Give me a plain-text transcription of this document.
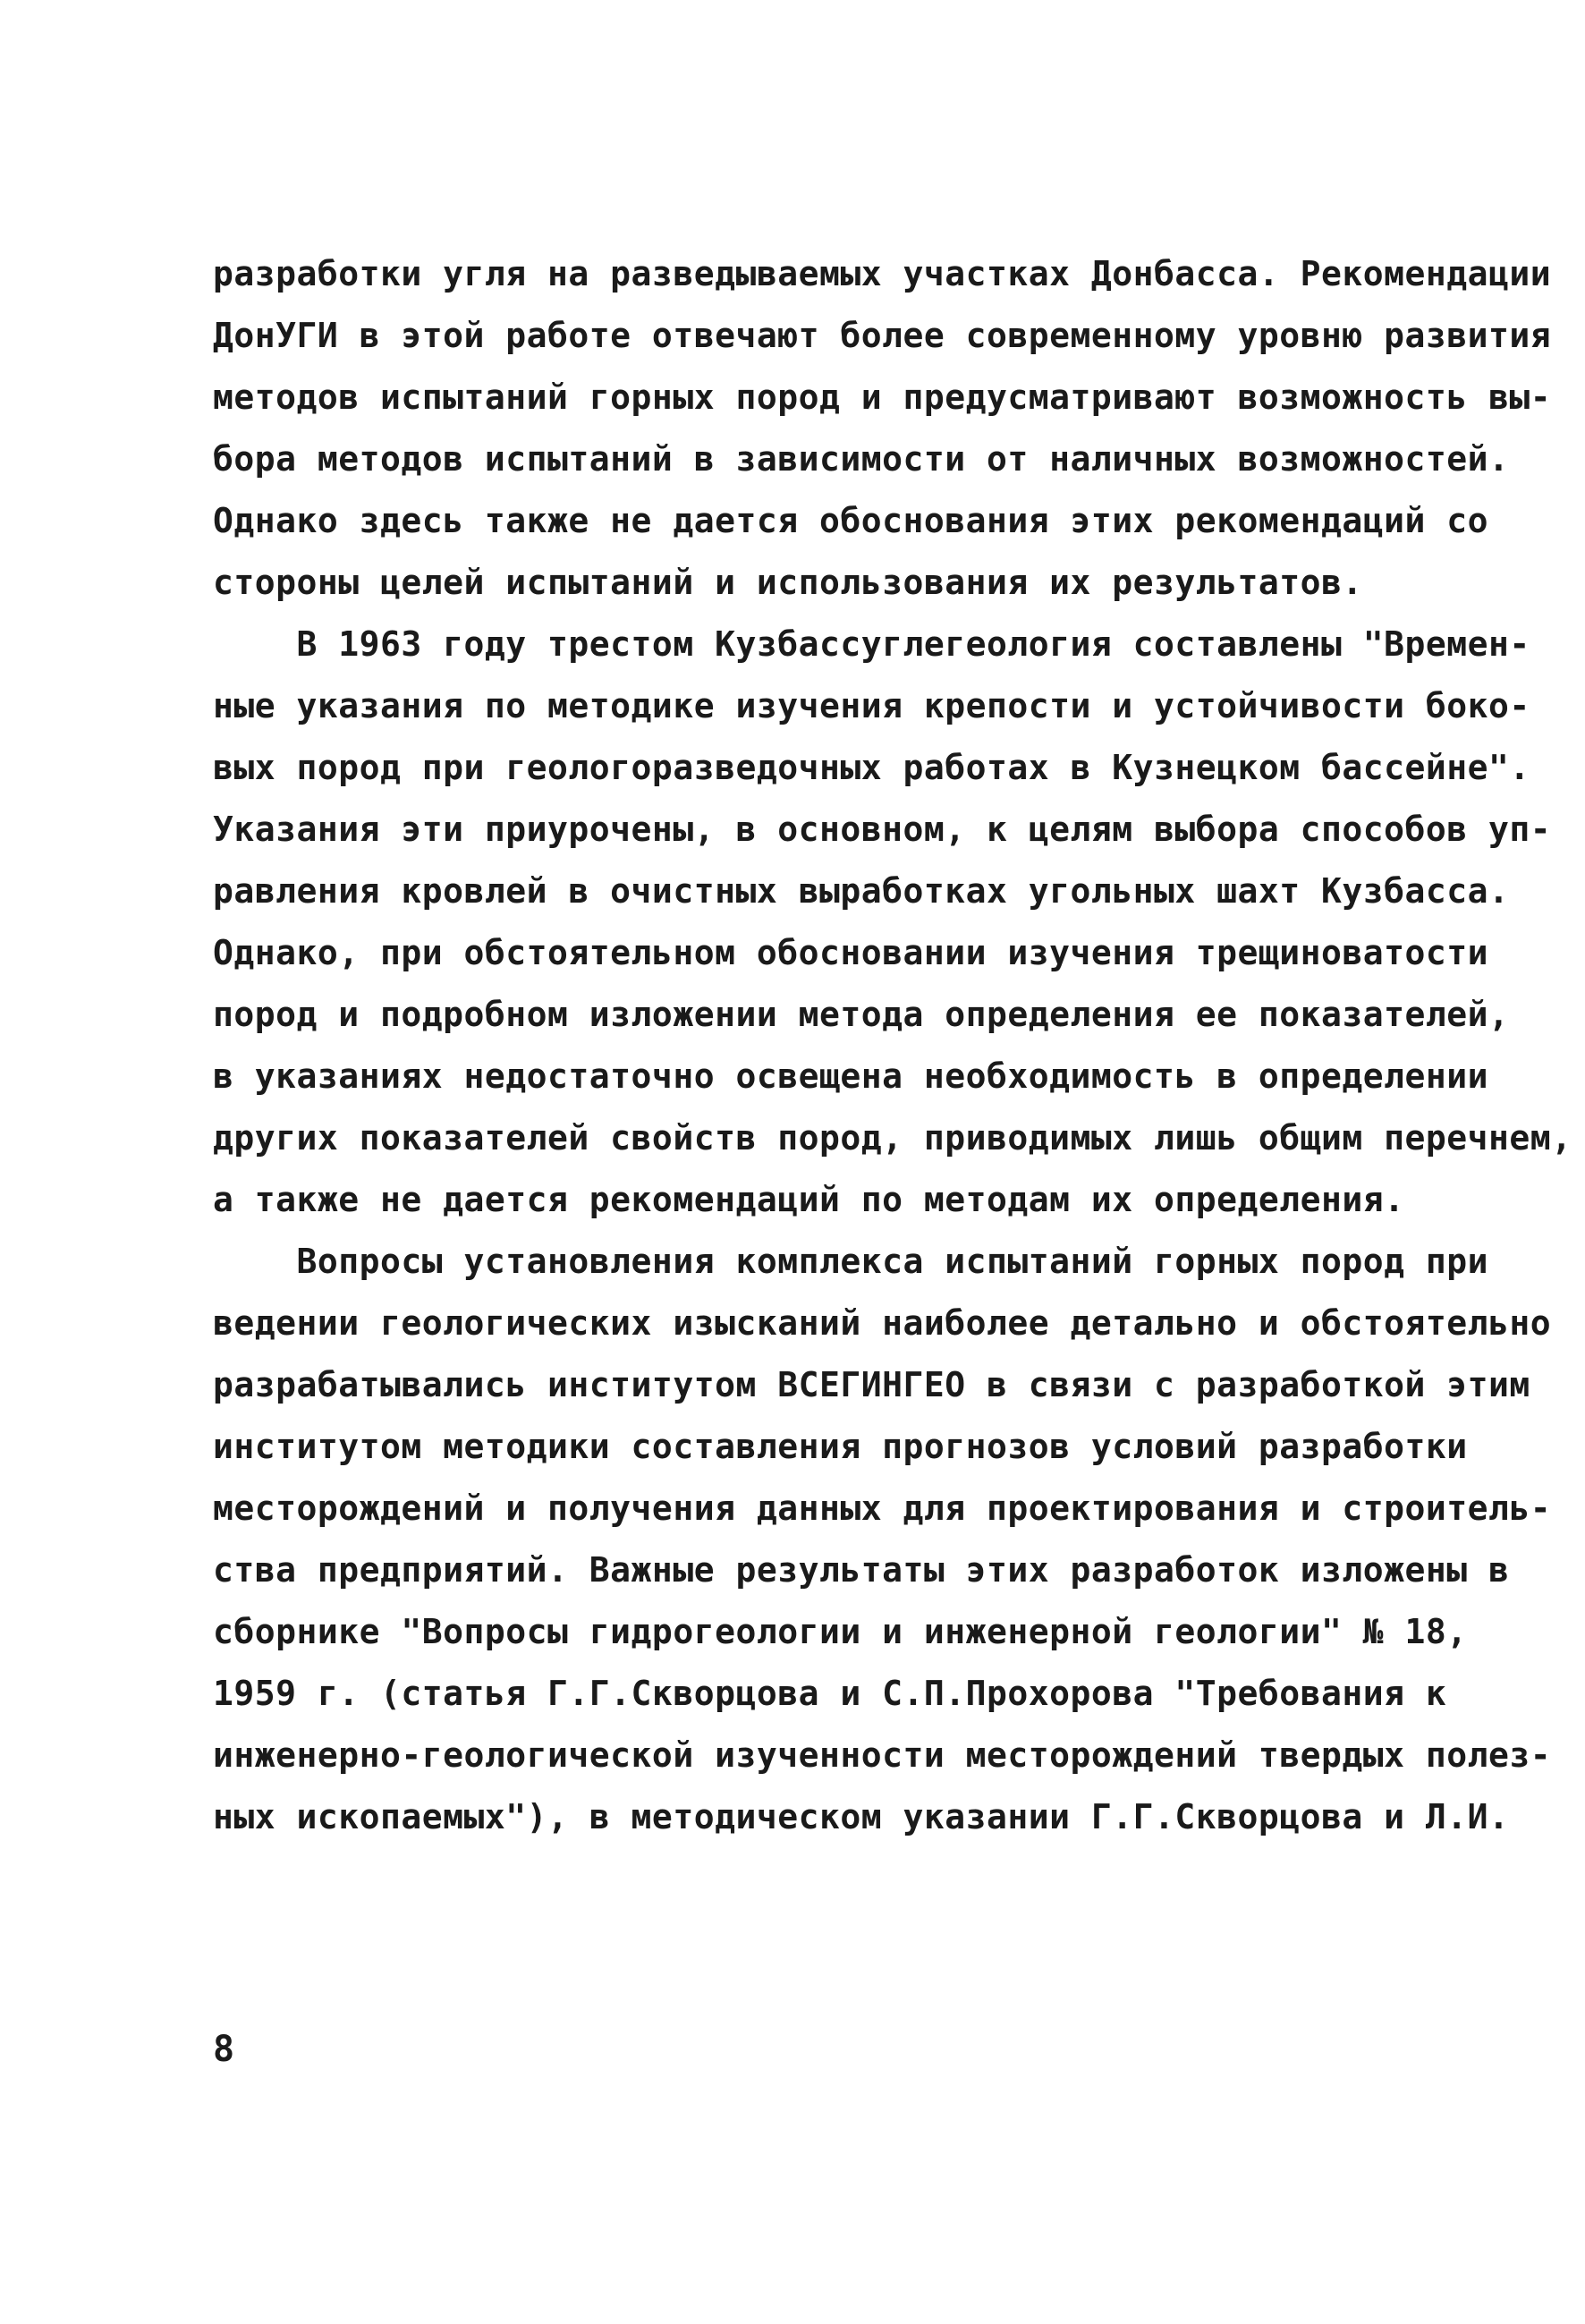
разработки угля на разведываемых участках Донбасса. Рекомендации
ДонУГИ в этой работе отвечают более современному уровню развития
методов испытаний горных пород и предусматривают возможность вы-
бора методов испытаний в зависимости от наличных возможностей.
Однако здесь также не дается обоснования этих рекомендаций со
стороны целей испытаний и использования их результатов.
В 1963 году трестом Кузбассуглегеология составлены "Времен-
ные указания по методике изучения крепости и устойчивости боко-
вых пород при геологоразведочных работах в Кузнецком бассейне".
Указания эти приурочены, в основном, к целям выбора способов уп-
равления кровлей в очистных выработках угольных шахт Кузбасса.
Однако, при обстоятельном обосновании изучения трещиноватости
пород и подробном изложении метода определения ее показателей,
в указаниях недостаточно освещена необходимость в определении
других показателей свойств пород, приводимых лишь общим перечнем,
а также не дается рекомендаций по методам их определения.
Вопросы установления комплекса испытаний горных пород при
ведении геологических изысканий наиболее детально и обстоятельно
разрабатывались институтом ВСЕГИНГЕО в связи с разработкой этим
институтом методики составления прогнозов условий разработки
месторождений и получения данных для проектирования и строитель-
ства предприятий. Важные результаты этих разработок изложены в
сборнике "Вопросы гидрогеологии и инженерной геологии" № 18,
1959 г. (статья Г.Г.Скворцова и С.П.Прохорова "Требования к
инженерно-геологической изученности месторождений твердых полез-
ных ископаемых"), в методическом указании Г.Г.Скворцова и Л.И.
8
